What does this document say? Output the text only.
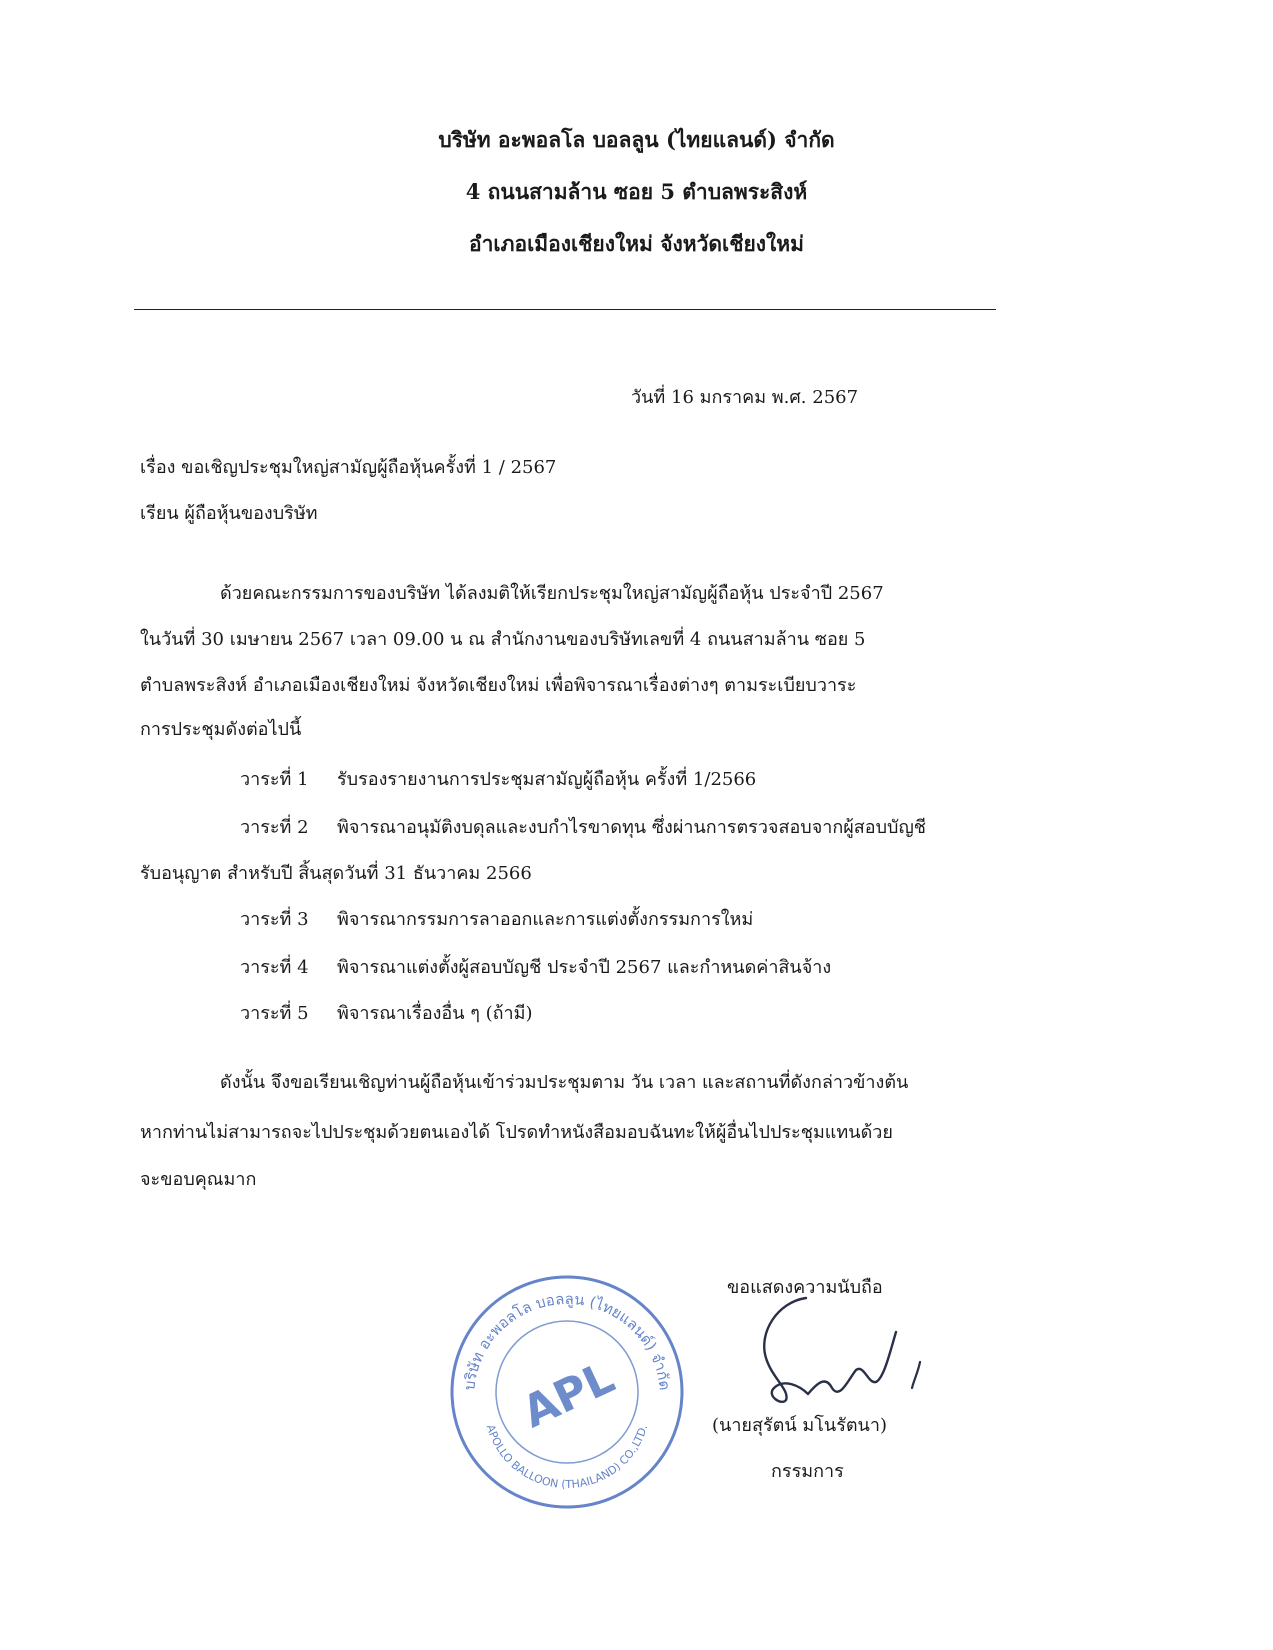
บริษัท อะพอลโล บอลลูน (ไทยแลนด์) จำกัด
4 ถนนสามล้าน ซอย 5 ตำบลพระสิงห์
อำเภอเมืองเชียงใหม่ จังหวัดเชียงใหม่
วันที่ 16 มกราคม พ.ศ. 2567
เรื่อง ขอเชิญประชุมใหญ่สามัญผู้ถือหุ้นครั้งที่ 1 / 2567
เรียน ผู้ถือหุ้นของบริษัท
ด้วยคณะกรรมการของบริษัท ได้ลงมติให้เรียกประชุมใหญ่สามัญผู้ถือหุ้น ประจำปี 2567
ในวันที่ 30 เมษายน 2567 เวลา 09.00 น ณ สำนักงานของบริษัทเลขที่ 4 ถนนสามล้าน ซอย 5
ตำบลพระสิงห์ อำเภอเมืองเชียงใหม่ จังหวัดเชียงใหม่ เพื่อพิจารณาเรื่องต่างๆ ตามระเบียบวาระ
การประชุมดังต่อไปนี้
วาระที่ 1 รับรองรายงานการประชุมสามัญผู้ถือหุ้น ครั้งที่ 1/2566
วาระที่ 2 พิจารณาอนุมัติงบดุลและงบกำไรขาดทุน ซึ่งผ่านการตรวจสอบจากผู้สอบบัญชี
รับอนุญาต สำหรับปี สิ้นสุดวันที่ 31 ธันวาคม 2566
วาระที่ 3 พิจารณากรรมการลาออกและการแต่งตั้งกรรมการใหม่
วาระที่ 4 พิจารณาแต่งตั้งผู้สอบบัญชี ประจำปี 2567 และกำหนดค่าสินจ้าง
วาระที่ 5 พิจารณาเรื่องอื่น ๆ (ถ้ามี)
ดังนั้น จึงขอเรียนเชิญท่านผู้ถือหุ้นเข้าร่วมประชุมตาม วัน เวลา และสถานที่ดังกล่าวข้างต้น
หากท่านไม่สามารถจะไปประชุมด้วยตนเองได้ โปรดทำหนังสือมอบฉันทะให้ผู้อื่นไปประชุมแทนด้วย
จะขอบคุณมาก
บริษัท อะพอลโล บอลลูน (ไทยแลนด์) จำกัด
APOLLO BALLOON (THAILAND) CO.,LTD.
APL
ขอแสดงความนับถือ
(นายสุรัตน์ มโนรัตนา)
กรรมการ
